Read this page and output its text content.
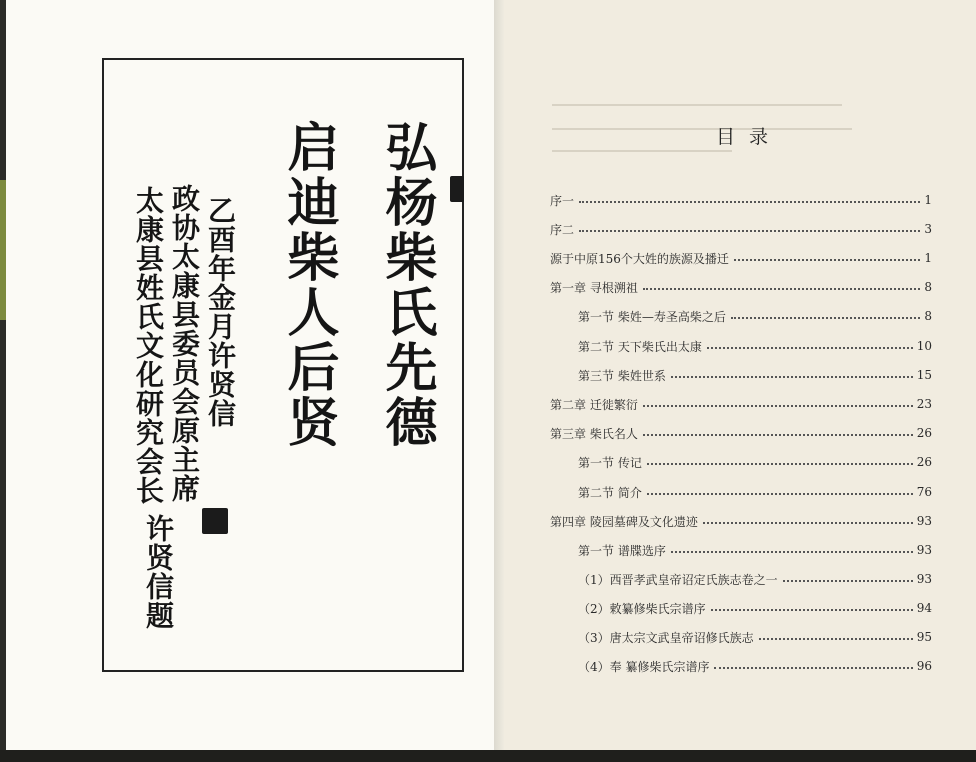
弘杨柴氏先德
启迪柴人后贤
乙酉年金月许贤信
政协太康县委员会原主席
太康县姓氏文化研究会长
许贤信题
目 录
序一	1
序二	3
源于中原156个大姓的族源及播迁	1
第一章 寻根溯祖	8
第一节 柴姓—寿圣高柴之后	8
第二节 天下柴氏出太康	10
第三节 柴姓世系	15
第二章 迁徙繁衍	23
第三章 柴氏名人	26
第一节 传记	26
第二节 简介	76
第四章 陵园墓碑及文化遗迹	93
第一节 谱牒选序	93
（1）西晋孝武皇帝诏定氏族志卷之一	93
（2）敕纂修柴氏宗谱序	94
（3）唐太宗文武皇帝诏修氏族志	95
（4）奉 纂修柴氏宗谱序	96
